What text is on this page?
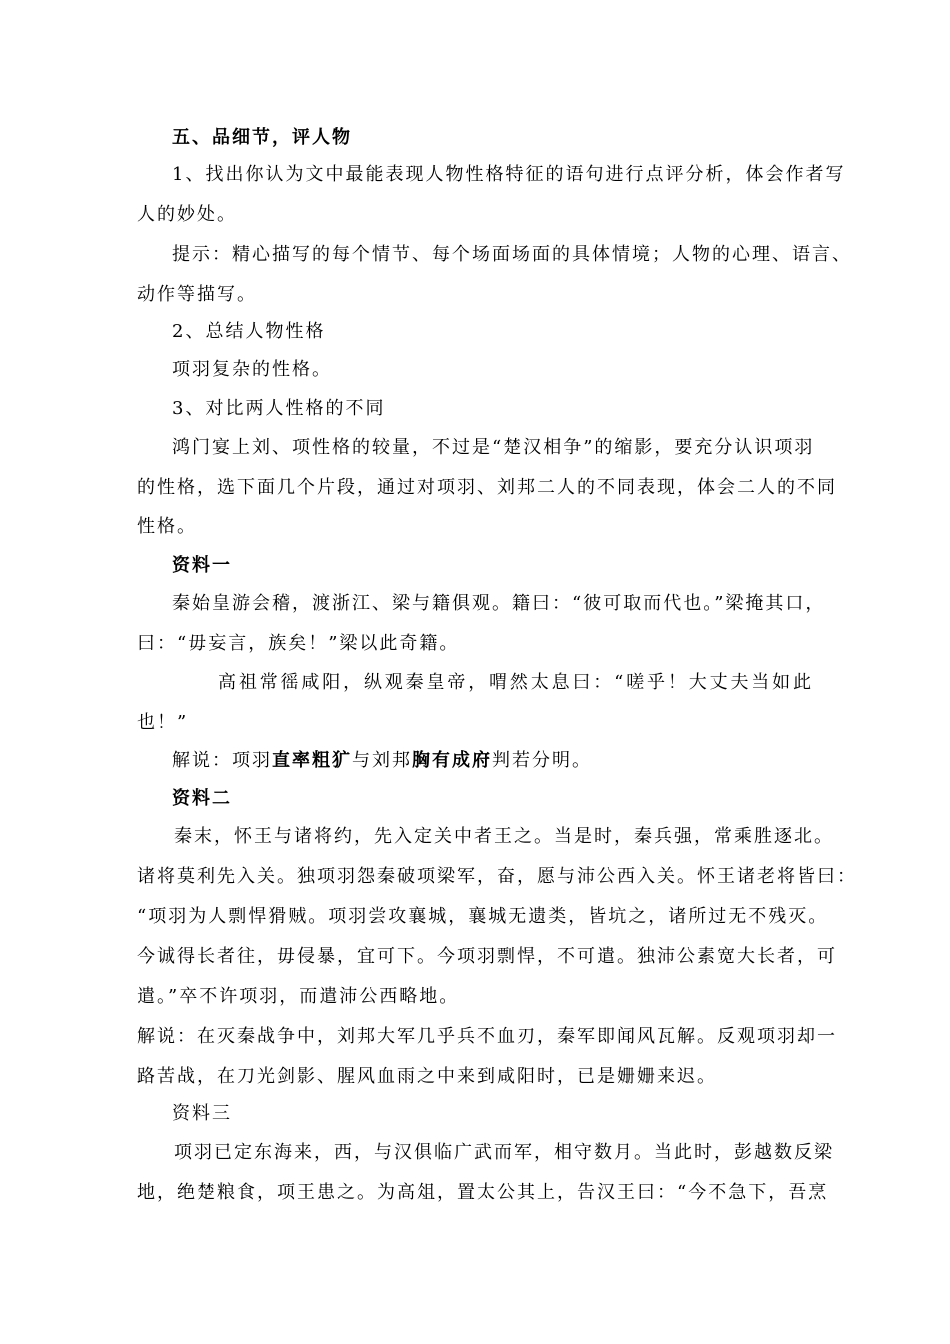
五、品细节，评人物
1、找出你认为文中最能表现人物性格特征的语句进行点评分析，体会作者写
人的妙处。
提示：精心描写的每个情节、每个场面场面的具体情境；人物的心理、语言、
动作等描写。
2、总结人物性格
项羽复杂的性格。
3、对比两人性格的不同
鸿门宴上刘、项性格的较量，不过是“楚汉相争”的缩影，要充分认识项羽
的性格，选下面几个片段，通过对项羽、刘邦二人的不同表现，体会二人的不同
性格。
资料一
秦始皇游会稽，渡浙江、梁与籍俱观。籍曰：“彼可取而代也。”梁掩其口，
曰：“毋妄言，族矣！”梁以此奇籍。
高祖常徭咸阳，纵观秦皇帝，喟然太息曰：“嗟乎！大丈夫当如此
也！”
解说：项羽直率粗犷与刘邦胸有成府判若分明。
资料二
秦末，怀王与诸将约，先入定关中者王之。当是时，秦兵强，常乘胜逐北。
诸将莫利先入关。独项羽怨秦破项梁军，奋，愿与沛公西入关。怀王诸老将皆曰：
“项羽为人剽悍猾贼。项羽尝攻襄城，襄城无遗类，皆坑之，诸所过无不残灭。
今诚得长者往，毋侵暴，宜可下。今项羽剽悍，不可遣。独沛公素宽大长者，可
遣。”卒不许项羽，而遣沛公西略地。
解说：在灭秦战争中，刘邦大军几乎兵不血刃，秦军即闻风瓦解。反观项羽却一
路苦战，在刀光剑影、腥风血雨之中来到咸阳时，已是姗姗来迟。
资料三
项羽已定东海来，西，与汉俱临广武而军，相守数月。当此时，彭越数反梁
地，绝楚粮食，项王患之。为高俎，置太公其上，告汉王曰：“今不急下，吾烹
